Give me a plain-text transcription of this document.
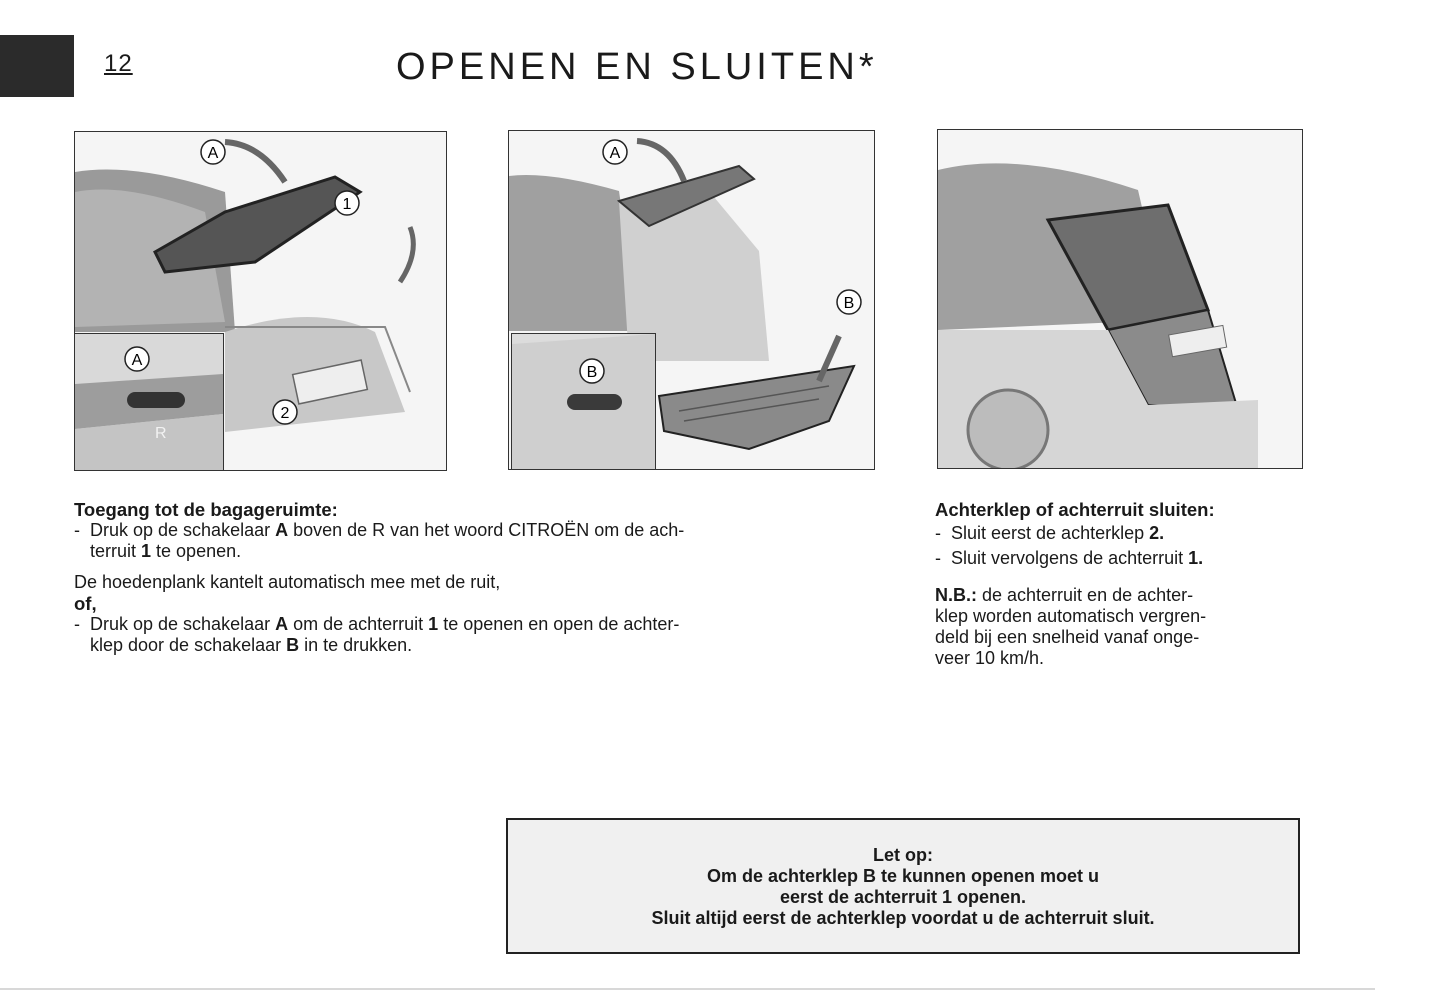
12	OPENEN EN SLUITEN*
A
1
2
A
R
A
B
B

Toegang tot de bagageruimte:

- Druk op de schakelaar A boven de R van het woord CITROËN om de ach-
terruit 1 te openen.

De hoedenplank kantelt automatisch mee met de ruit,

of,

- Druk op de schakelaar A om de achterruit 1 te openen en open de achter-
klep door de schakelaar B in te drukken.

Achterklep of achterruit sluiten:

- Sluit eerst de achterklep 2.
- Sluit vervolgens de achterruit 1.

N.B.: de achterruit en de achter-
klep worden automatisch vergren-
deld bij een snelheid vanaf onge-
veer 10 km/h.

Let op:

Om de achterklep B te kunnen openen moet u

eerst de achterruit 1 openen.

Sluit altijd eerst de achterklep voordat u de achterruit sluit.
